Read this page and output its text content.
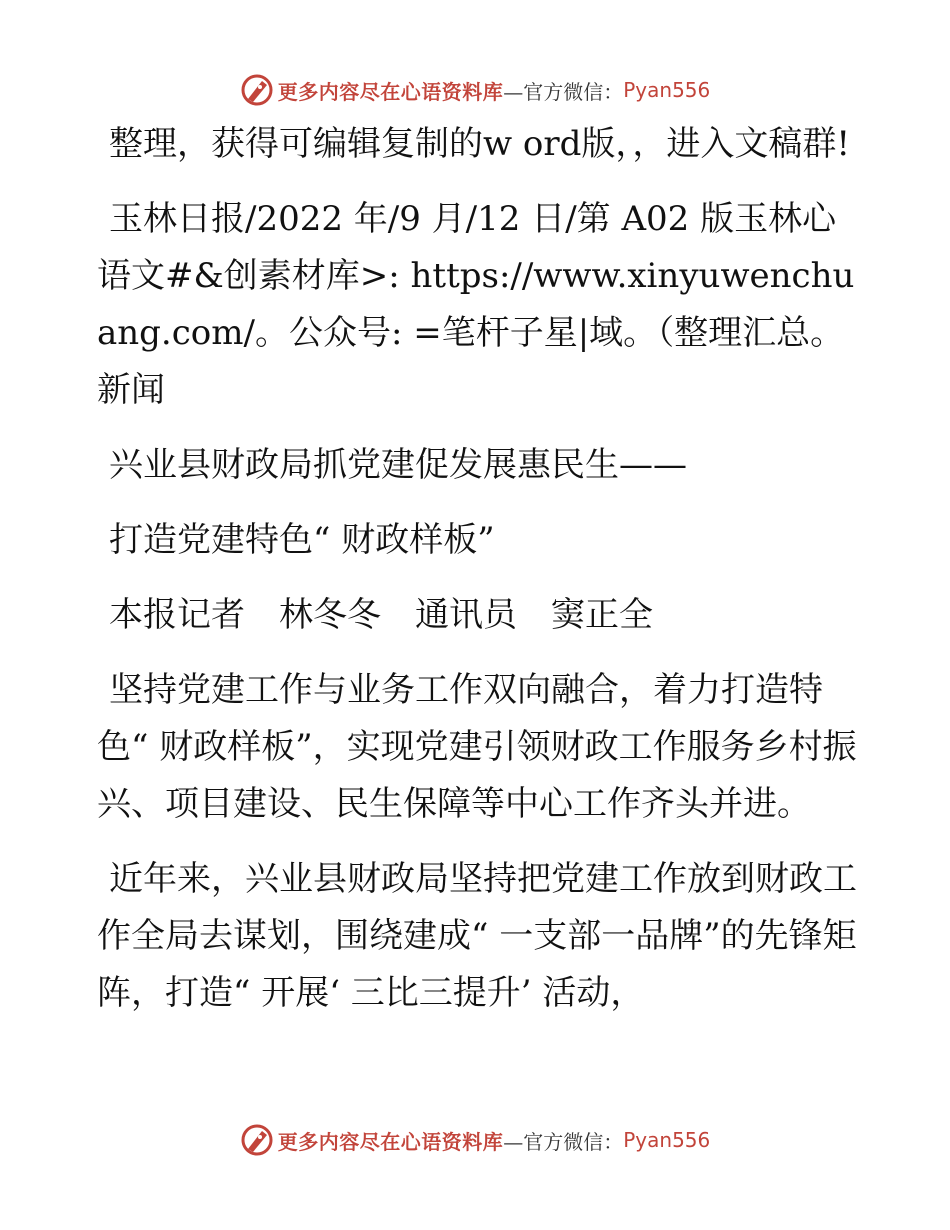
更多内容尽在心语资料库 —官方微信： Pyan556

整理，获得可编辑复制的w ord版，，进入文稿群!

玉林日报/2022 年/9 月/12 日/第 A02 版玉林心语文#&创素材库>: https://www.xinyuwenchuang.com/。公众号: =笔杆子星|域。（整理汇总。新闻

兴业县财政局抓党建促发展惠民生——

打造党建特色“ 财政样板”

本报记者　林冬冬　通讯员　窦正全

坚持党建工作与业务工作双向融合，着力打造特色“ 财政样板”，实现党建引领财政工作服务乡村振兴、项目建设、民生保障等中心工作齐头并进。

近年来，兴业县财政局坚持把党建工作放到财政工作全局去谋划，围绕建成“ 一支部一品牌”的先锋矩阵，打造“ 开展‘ 三比三提升’ 活动，

更多内容尽在心语资料库 —官方微信： Pyan556
